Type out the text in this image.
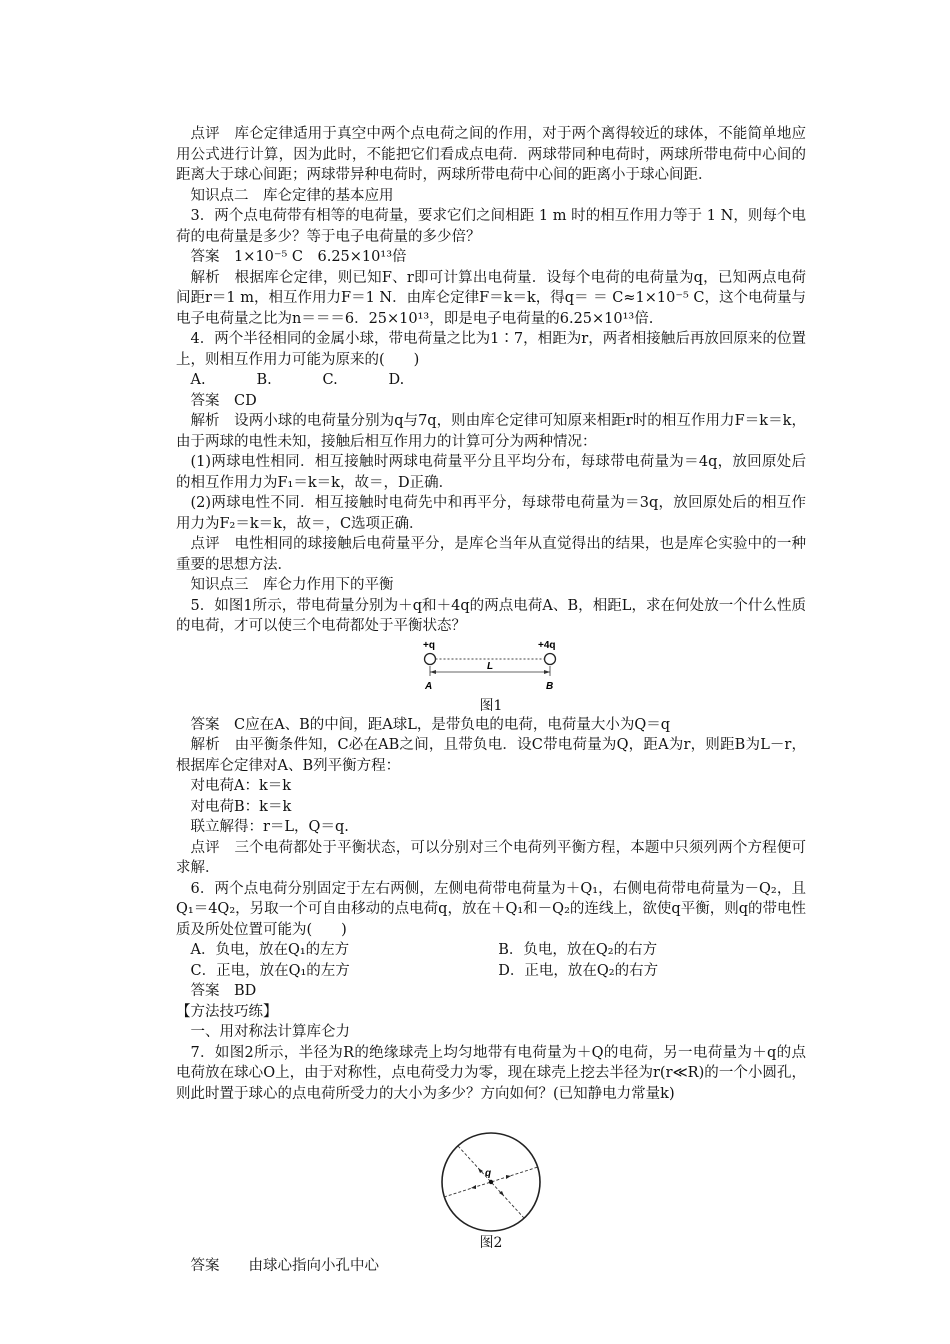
点评　库仑定律适用于真空中两个点电荷之间的作用，对于两个离得较近的球体，不能简单地应用公式进行计算，因为此时，不能把它们看成点电荷．两球带同种电荷时，两球所带电荷中心间的距离大于球心间距；两球带异种电荷时，两球所带电荷中心间的距离小于球心间距．

知识点二　库仑定律的基本应用

3．两个点电荷带有相等的电荷量，要求它们之间相距 1 m 时的相互作用力等于 1 N，则每个电荷的电荷量是多少？等于电子电荷量的多少倍？

答案　1×10⁻⁵ C　6.25×10¹³倍

解析　根据库仑定律，则已知F、r即可计算出电荷量．设每个电荷的电荷量为q，已知两点电荷间距r＝1 m，相互作用力F＝1 N．由库仑定律F＝k＝k，得q＝ ＝ C≈1×10⁻⁵ C，这个电荷量与电子电荷量之比为n＝＝＝6．25×10¹³，即是电子电荷量的6.25×10¹³倍.

4．两个半径相同的金属小球，带电荷量之比为1∶7，相距为r，两者相接触后再放回原来的位置上，则相互作用力可能为原来的(　　)

A.	B.	C.	D.

答案　CD

解析　设两小球的电荷量分别为q与7q，则由库仑定律可知原来相距r时的相互作用力F＝k＝k，由于两球的电性未知，接触后相互作用力的计算可分为两种情况：

(1)两球电性相同．相互接触时两球电荷量平分且平均分布，每球带电荷量为＝4q，放回原处后的相互作用力为F₁＝k＝k，故＝，D正确．

(2)两球电性不同．相互接触时电荷先中和再平分，每球带电荷量为＝3q，放回原处后的相互作用力为F₂＝k＝k，故＝，C选项正确．

点评　电性相同的球接触后电荷量平分，是库仑当年从直觉得出的结果，也是库仑实验中的一种重要的思想方法．

知识点三　库仑力作用下的平衡

5．如图1所示，带电荷量分别为＋q和＋4q的两点电荷A、B，相距L，求在何处放一个什么性质的电荷，才可以使三个电荷都处于平衡状态？

+q	+4q
L
A	B
图1

答案　C应在A、B的中间，距A球L，是带负电的电荷，电荷量大小为Q＝q

解析　由平衡条件知，C必在AB之间，且带负电．设C带电荷量为Q，距A为r，则距B为L－r，根据库仑定律对A、B列平衡方程：

对电荷A：k＝k

对电荷B：k＝k

联立解得：r＝L，Q＝q.

点评　三个电荷都处于平衡状态，可以分别对三个电荷列平衡方程，本题中只须列两个方程便可求解．

6．两个点电荷分别固定于左右两侧，左侧电荷带电荷量为＋Q₁，右侧电荷带电荷量为－Q₂，且Q₁＝4Q₂，另取一个可自由移动的点电荷q，放在＋Q₁和－Q₂的连线上，欲使q平衡，则q的带电性质及所处位置可能为(　　)

A．负电，放在Q₁的左方	B．负电，放在Q₂的右方
C．正电，放在Q₁的左方	D．正电，放在Q₂的右方

答案　BD

【方法技巧练】

一、用对称法计算库仑力

7．如图2所示，半径为R的绝缘球壳上均匀地带有电荷量为＋Q的电荷，另一电荷量为＋q的点电荷放在球心O上，由于对称性，点电荷受力为零，现在球壳上挖去半径为r(r≪R)的一个小圆孔，则此时置于球心的点电荷所受力的大小为多少？方向如何？(已知静电力常量k)

q
图2

答案　　由球心指向小孔中心
